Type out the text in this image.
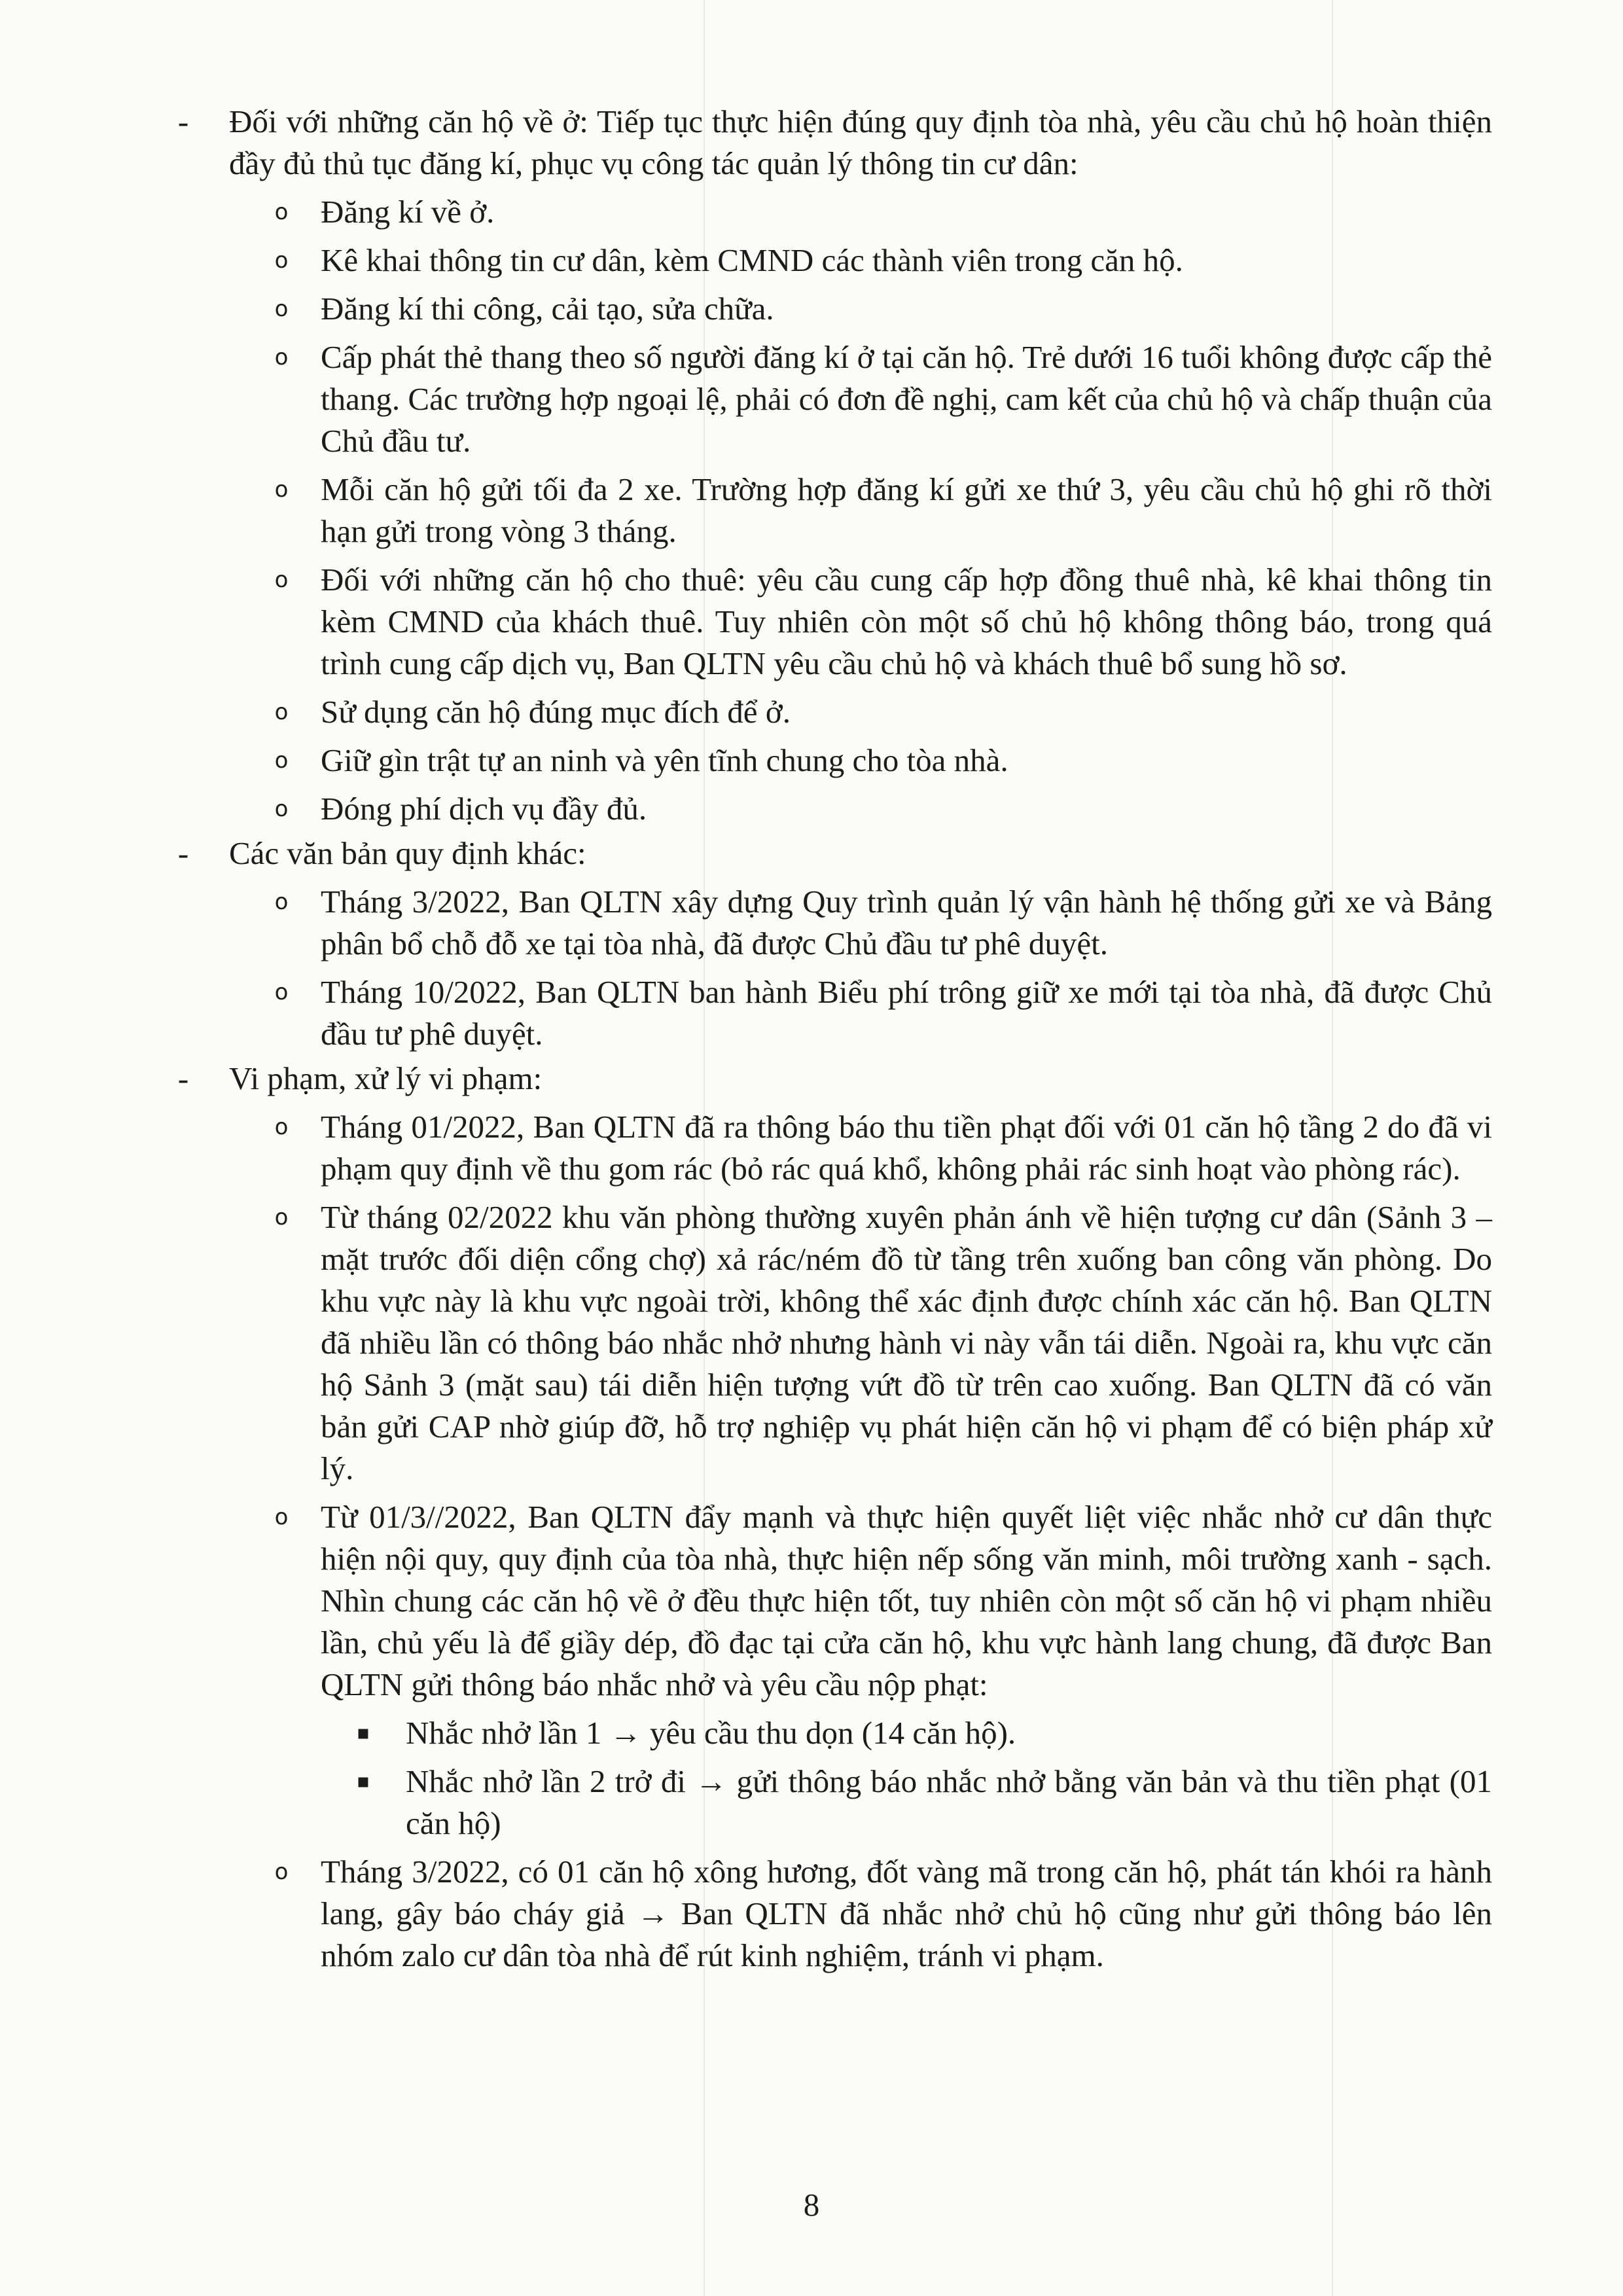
- Đối với những căn hộ về ở: Tiếp tục thực hiện đúng quy định tòa nhà, yêu cầu chủ hộ hoàn thiện đầy đủ thủ tục đăng kí, phục vụ công tác quản lý thông tin cư dân:
o Đăng kí về ở.
o Kê khai thông tin cư dân, kèm CMND các thành viên trong căn hộ.
o Đăng kí thi công, cải tạo, sửa chữa.
o Cấp phát thẻ thang theo số người đăng kí ở tại căn hộ. Trẻ dưới 16 tuổi không được cấp thẻ thang. Các trường hợp ngoại lệ, phải có đơn đề nghị, cam kết của chủ hộ và chấp thuận của Chủ đầu tư.
o Mỗi căn hộ gửi tối đa 2 xe. Trường hợp đăng kí gửi xe thứ 3, yêu cầu chủ hộ ghi rõ thời hạn gửi trong vòng 3 tháng.
o Đối với những căn hộ cho thuê: yêu cầu cung cấp hợp đồng thuê nhà, kê khai thông tin kèm CMND của khách thuê. Tuy nhiên còn một số chủ hộ không thông báo, trong quá trình cung cấp dịch vụ, Ban QLTN yêu cầu chủ hộ và khách thuê bổ sung hồ sơ.
o Sử dụng căn hộ đúng mục đích để ở.
o Giữ gìn trật tự an ninh và yên tĩnh chung cho tòa nhà.
o Đóng phí dịch vụ đầy đủ.
- Các văn bản quy định khác:
o Tháng 3/2022, Ban QLTN xây dựng Quy trình quản lý vận hành hệ thống gửi xe và Bảng phân bổ chỗ đỗ xe tại tòa nhà, đã được Chủ đầu tư phê duyệt.
o Tháng 10/2022, Ban QLTN ban hành Biểu phí trông giữ xe mới tại tòa nhà, đã được Chủ đầu tư phê duyệt.
- Vi phạm, xử lý vi phạm:
o Tháng 01/2022, Ban QLTN đã ra thông báo thu tiền phạt đối với 01 căn hộ tầng 2 do đã vi phạm quy định về thu gom rác (bỏ rác quá khổ, không phải rác sinh hoạt vào phòng rác).
o Từ tháng 02/2022 khu văn phòng thường xuyên phản ánh về hiện tượng cư dân (Sảnh 3 – mặt trước đối diện cổng chợ) xả rác/ném đồ từ tầng trên xuống ban công văn phòng. Do khu vực này là khu vực ngoài trời, không thể xác định được chính xác căn hộ. Ban QLTN đã nhiều lần có thông báo nhắc nhở nhưng hành vi này vẫn tái diễn. Ngoài ra, khu vực căn hộ Sảnh 3 (mặt sau) tái diễn hiện tượng vứt đồ từ trên cao xuống. Ban QLTN đã có văn bản gửi CAP nhờ giúp đỡ, hỗ trợ nghiệp vụ phát hiện căn hộ vi phạm để có biện pháp xử lý.
o Từ 01/3//2022, Ban QLTN đẩy mạnh và thực hiện quyết liệt việc nhắc nhở cư dân thực hiện nội quy, quy định của tòa nhà, thực hiện nếp sống văn minh, môi trường xanh - sạch. Nhìn chung các căn hộ về ở đều thực hiện tốt, tuy nhiên còn một số căn hộ vi phạm nhiều lần, chủ yếu là để giầy dép, đồ đạc tại cửa căn hộ, khu vực hành lang chung, đã được Ban QLTN gửi thông báo nhắc nhở và yêu cầu nộp phạt:
▪ Nhắc nhở lần 1 → yêu cầu thu dọn (14 căn hộ).
▪ Nhắc nhở lần 2 trở đi → gửi thông báo nhắc nhở bằng văn bản và thu tiền phạt (01 căn hộ)
o Tháng 3/2022, có 01 căn hộ xông hương, đốt vàng mã trong căn hộ, phát tán khói ra hành lang, gây báo cháy giả → Ban QLTN đã nhắc nhở chủ hộ cũng như gửi thông báo lên nhóm zalo cư dân tòa nhà để rút kinh nghiệm, tránh vi phạm.
8
